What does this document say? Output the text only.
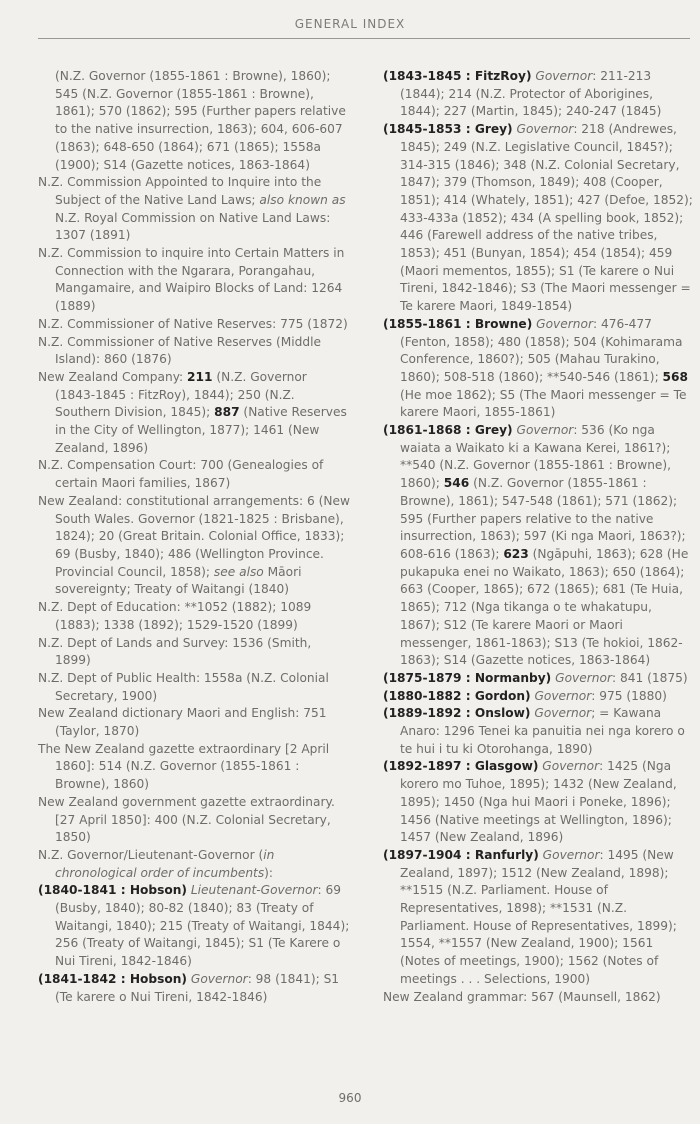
GENERAL INDEX

(N.Z. Governor (1855-1861 : Browne), 1860); 545 (N.Z. Governor (1855-1861 : Browne), 1861); 570 (1862); 595 (Further papers relative to the native insurrection, 1863); 604, 606-607 (1863); 648-650 (1864); 671 (1865); 1558a (1900); S14 (Gazette notices, 1863-1864)

N.Z. Commission Appointed to Inquire into the Subject of the Native Land Laws; also known as N.Z. Royal Commission on Native Land Laws: 1307 (1891)

N.Z. Commission to inquire into Certain Matters in Connection with the Ngarara, Porangahau, Mangamaire, and Waipiro Blocks of Land: 1264 (1889)

N.Z. Commissioner of Native Reserves: 775 (1872)

N.Z. Commissioner of Native Reserves (Middle Island): 860 (1876)

New Zealand Company: 211 (N.Z. Governor (1843-1845 : FitzRoy), 1844); 250 (N.Z. Southern Division, 1845); 887 (Native Reserves in the City of Wellington, 1877); 1461 (New Zealand, 1896)

N.Z. Compensation Court: 700 (Genealogies of certain Maori families, 1867)

New Zealand: constitutional arrangements: 6 (New South Wales. Governor (1821-1825 : Brisbane), 1824); 20 (Great Britain. Colonial Office, 1833); 69 (Busby, 1840); 486 (Wellington Province. Provincial Council, 1858); see also Māori sovereignty; Treaty of Waitangi (1840)

N.Z. Dept of Education: **1052 (1882); 1089 (1883); 1338 (1892); 1529-1520 (1899)

N.Z. Dept of Lands and Survey: 1536 (Smith, 1899)

N.Z. Dept of Public Health: 1558a (N.Z. Colonial Secretary, 1900)

New Zealand dictionary Maori and English: 751 (Taylor, 1870)

The New Zealand gazette extraordinary [2 April 1860]: 514 (N.Z. Governor (1855-1861 : Browne), 1860)

New Zealand government gazette extraordinary. [27 April 1850]: 400 (N.Z. Colonial Secretary, 1850)

N.Z. Governor/Lieutenant-Governor (in chronological order of incumbents):

(1840-1841 : Hobson) Lieutenant-Governor: 69 (Busby, 1840); 80-82 (1840); 83 (Treaty of Waitangi, 1840); 215 (Treaty of Waitangi, 1844); 256 (Treaty of Waitangi, 1845); S1 (Te Karere o Nui Tireni, 1842-1846)

(1841-1842 : Hobson) Governor: 98 (1841); S1 (Te karere o Nui Tireni, 1842-1846)

(1843-1845 : FitzRoy) Governor: 211-213 (1844); 214 (N.Z. Protector of Aborigines, 1844); 227 (Martin, 1845); 240-247 (1845)

(1845-1853 : Grey) Governor: 218 (Andrewes, 1845); 249 (N.Z. Legislative Council, 1845?); 314-315 (1846); 348 (N.Z. Colonial Secretary, 1847); 379 (Thomson, 1849); 408 (Cooper, 1851); 414 (Whately, 1851); 427 (Defoe, 1852); 433-433a (1852); 434 (A spelling book, 1852); 446 (Farewell address of the native tribes, 1853); 451 (Bunyan, 1854); 454 (1854); 459 (Maori mementos, 1855); S1 (Te karere o Nui Tireni, 1842-1846); S3 (The Maori messenger = Te karere Maori, 1849-1854)

(1855-1861 : Browne) Governor: 476-477 (Fenton, 1858); 480 (1858); 504 (Kohimarama Conference, 1860?); 505 (Mahau Turakino, 1860); 508-518 (1860); **540-546 (1861); 568 (He moe 1862); S5 (The Maori messenger = Te karere Maori, 1855-1861)

(1861-1868 : Grey) Governor: 536 (Ko nga waiata a Waikato ki a Kawana Kerei, 1861?); **540 (N.Z. Governor (1855-1861 : Browne), 1860); 546 (N.Z. Governor (1855-1861 : Browne), 1861); 547-548 (1861); 571 (1862); 595 (Further papers relative to the native insurrection, 1863); 597 (Ki nga Maori, 1863?); 608-616 (1863); 623 (Ngāpuhi, 1863); 628 (He pukapuka enei no Waikato, 1863); 650 (1864); 663 (Cooper, 1865); 672 (1865); 681 (Te Huia, 1865); 712 (Nga tikanga o te whakatupu, 1867); S12 (Te karere Maori or Maori messenger, 1861-1863); S13 (Te hokioi, 1862-1863); S14 (Gazette notices, 1863-1864)

(1875-1879 : Normanby) Governor: 841 (1875)

(1880-1882 : Gordon) Governor: 975 (1880)

(1889-1892 : Onslow) Governor; = Kawana Anaro: 1296 Tenei ka panuitia nei nga korero o te hui i tu ki Otorohanga, 1890)

(1892-1897 : Glasgow) Governor: 1425 (Nga korero mo Tuhoe, 1895); 1432 (New Zealand, 1895); 1450 (Nga hui Maori i Poneke, 1896); 1456 (Native meetings at Wellington, 1896); 1457 (New Zealand, 1896)

(1897-1904 : Ranfurly) Governor: 1495 (New Zealand, 1897); 1512 (New Zealand, 1898); **1515 (N.Z. Parliament. House of Representatives, 1898); **1531 (N.Z. Parliament. House of Representatives, 1899); 1554, **1557 (New Zealand, 1900); 1561 (Notes of meetings, 1900); 1562 (Notes of meetings . . . Selections, 1900)

New Zealand grammar: 567 (Maunsell, 1862)

960
